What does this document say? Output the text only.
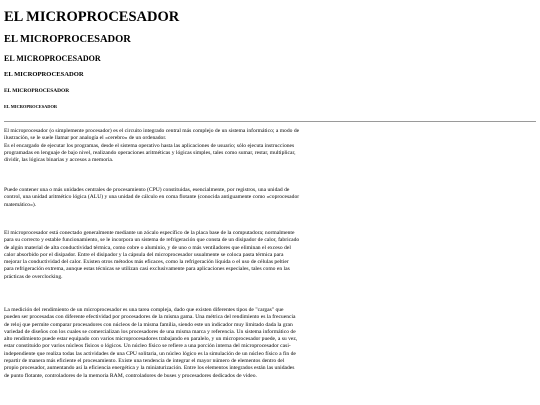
EL MICROPROCESADOR
EL MICROPROCESADOR
EL MICROPROCESADOR
EL MICROPROCESADOR
EL MICROPROCESADOR
EL MICROPROCESADOR
El microprocesador (o simplemente procesador) es el circuito integrado central más complejo de un sistema informático; a modo de
ilustración, se le suele llamar por analogía el «cerebro» de un ordenador.
Es el encargado de ejecutar los programas, desde el sistema operativo hasta las aplicaciones de usuario; sólo ejecuta instrucciones
programadas en lenguaje de bajo nivel, realizando operaciones aritméticas y lógicas simples, tales como sumar, restar, multiplicar,
dividir, las lógicas binarias y accesos a memoria.
Puede contener una o más unidades centrales de procesamiento (CPU) constituidas, esencialmente, por registros, una unidad de
control, una unidad aritmético lógica (ALU) y una unidad de cálculo en coma flotante (conocida antiguamente como «coprocesador
matemático»).
El microprocesador está conectado generalmente mediante un zócalo específico de la placa base de la computadora; normalmente
para su correcto y estable funcionamiento, se le incorpora un sistema de refrigeración que consta de un disipador de calor, fabricado
de algún material de alta conductividad térmica, como cobre o aluminio, y de uno o más ventiladores que eliminan el exceso del
calor absorbido por el disipador. Entre el disipador y la cápsula del microprocesador usualmente se coloca pasta térmica para
mejorar la conductividad del calor. Existen otros métodos más eficaces, como la refrigeración líquida o el uso de células peltier
para refrigeración extrema, aunque estas técnicas se utilizan casi exclusivamente para aplicaciones especiales, tales como en las
prácticas de overclocking.
La medición del rendimiento de un microprocesador es una tarea compleja, dado que existen diferentes tipos de "cargas" que
pueden ser procesadas con diferente efectividad por procesadores de la misma gama. Una métrica del rendimiento es la frecuencia
de reloj que permite comparar procesadores con núcleos de la misma familia, siendo este un indicador muy limitado dada la gran
variedad de diseños con los cuales se comercializan los procesadores de una misma marca y referencia. Un sistema informático de
alto rendimiento puede estar equipado con varios microprocesadores trabajando en paralelo, y un microprocesador puede, a su vez,
estar constituido por varios núcleos físicos o lógicos. Un núcleo físico se refiere a una porción interna del microprocesador casi-
independiente que realiza todas las actividades de una CPU solitaria, un núcleo lógico es la simulación de un núcleo físico a fin de
repartir de manera más eficiente el procesamiento. Existe una tendencia de integrar el mayor número de elementos dentro del
propio procesador, aumentando así la eficiencia energética y la miniaturización. Entre los elementos integrados están las unidades
de punto flotante, controladores de la memoria RAM, controladores de buses y procesadores dedicados de video.
